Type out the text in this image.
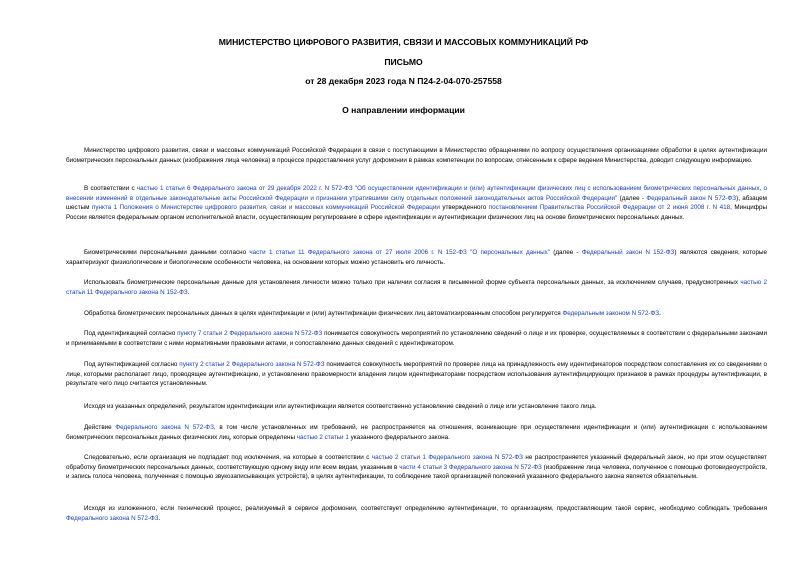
МИНИСТЕРСТВО ЦИФРОВОГО РАЗВИТИЯ, СВЯЗИ И МАССОВЫХ КОММУНИКАЦИЙ РФ
ПИСЬМО
от 28 декабря 2023 года N П24-2-04-070-257558
О направлении информации

Министерство цифрового развития, связи и массовых коммуникаций Российской Федерации в связи с поступающими в Министерство обращениями по вопросу осуществления организациями обработки в целях аутентификации биометрических персональных данных (изображения лица человека) в процессе предоставления услуг дофомонии в рамках компетенции по вопросам, отнесенным к сфере ведения Министерства, доводит следующую информацию.

В соответствии с частью 1 статьи 6 Федерального закона от 29 декабря 2022 г. N 572-ФЗ "Об осуществлении идентификации и (или) аутентификации физических лиц с использованием биометрических персональных данных, о внесении изменений в отдельные законодательные акты Российской Федерации и признании утратившими силу отдельных положений законодательных актов Российской Федерации" (далее - Федеральный закон N 572-ФЗ), абзацем шестым пункта 1 Положения о Министерстве цифрового развития, связи и массовых коммуникаций Российской Федерации утвержденного постановлением Правительства Российской Федерации от 2 июня 2008 г. N 418, Минцифры России является федеральным органом исполнительной власти, осуществляющим регулирование в сфере идентификации и аутентификации физических лиц на основе биометрических персональных данных.

Биометрическими персональными данными согласно части 1 статьи 11 Федерального закона от 27 июля 2006 г. N 152-ФЗ "О персональных данных" (далее - Федеральный закон N 152-ФЗ) являются сведения, которые характеризуют физиологические и биологические особенности человека, на основании которых можно установить его личность.

Использовать биометрические персональные данные для установления личности можно только при наличии согласия в письменной форме субъекта персональных данных, за исключением случаев, предусмотренных частью 2 статьи 11 Федерального закона N 152-ФЗ.

Обработка биометрических персональных данных в целях идентификации и (или) аутентификации физических лиц автоматизированным способом регулируется Федеральным законом N 572-ФЗ.

Под идентификацией согласно пункту 7 статьи 2 Федерального закона N 572-ФЗ понимается совокупность мероприятий по установлению сведений о лице и их проверке, осуществляемых в соответствии с федеральными законами и принимаемыми в соответствии с ними нормативными правовыми актами, и сопоставлению данных сведений с идентификатором.

Под аутентификацией согласно пункту 2 статьи 2 Федерального закона N 572-ФЗ понимается совокупность мероприятий по проверке лица на принадлежность ему идентификаторов посредством сопоставления их со сведениями о лице, которыми располагает лицо, проводящее аутентификацию, и установлению правомерности владения лицом идентификаторами посредством использования аутентифицирующих признаков в рамках процедуры аутентификации, в результате чего лицо считается установленным.

Исходя из указанных определений, результатом идентификации или аутентификации является соответственно установление сведений о лице или установление такого лица.

Действие Федерального закона N 572-ФЗ, в том числе установленных им требований, не распространяется на отношения, возникающие при осуществлении идентификации и (или) аутентификации с использованием биометрических персональных данных физических лиц, которые определены частью 2 статьи 1 указанного федерального закона.

Следовательно, если организация не подпадает под исключения, на которые в соответствии с частью 2 статьи 1 Федерального закона N 572-ФЗ не распространяется указанный федеральный закон, но при этом осуществляет обработку биометрических персональных данных, соответствующую одному виду или всем видам, указанным в части 4 статьи 3 Федерального закона N 572-ФЗ (изображение лица человека, полученное с помощью фотовидеоустройств, и запись голоса человека, полученная с помощью звукозаписывающих устройств), в целях аутентификации, то соблюдение такой организацией положений указанного федерального закона является обязательным.

Исходя из изложенного, если технический процесс, реализуемый в сервисе дофомонии, соответствует определению аутентификации, то организациям, предоставляющим такой сервис, необходимо соблюдать требования Федерального закона N 572-ФЗ.
